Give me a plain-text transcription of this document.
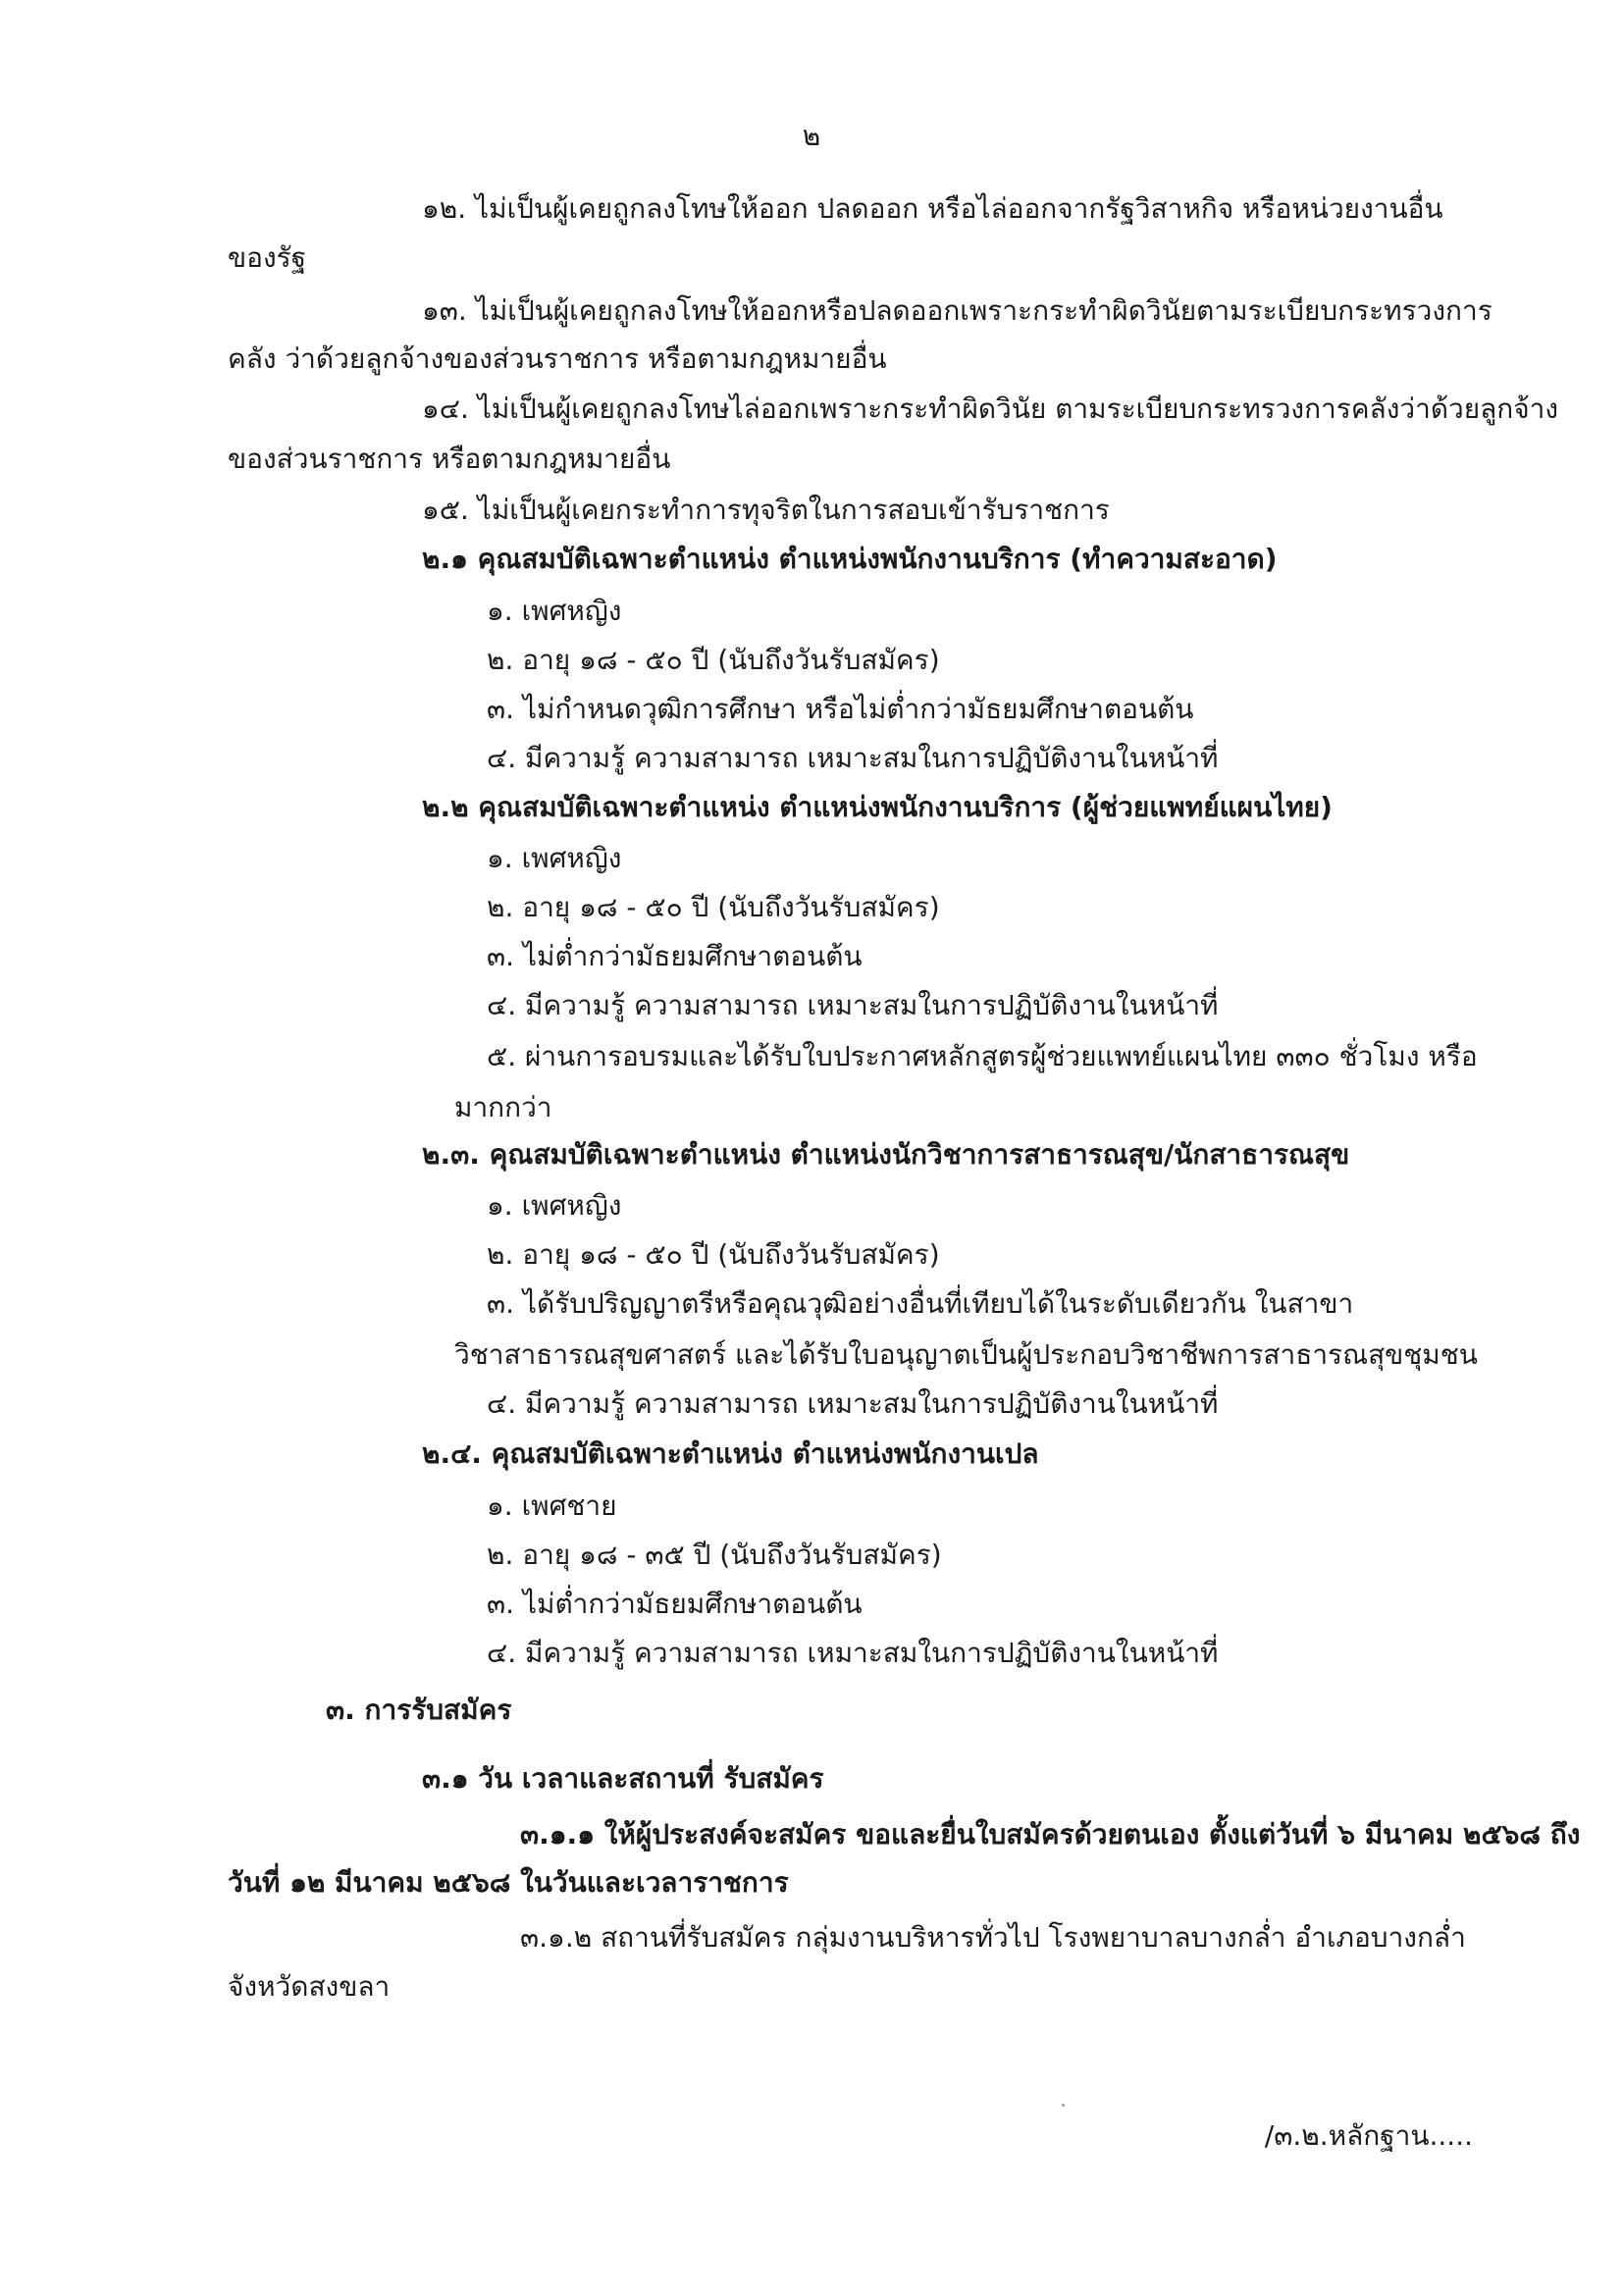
๒
๑๒. ไม่เป็นผู้เคยถูกลงโทษให้ออก ปลดออก หรือไล่ออกจากรัฐวิสาหกิจ หรือหน่วยงานอื่น
ของรัฐ
๑๓. ไม่เป็นผู้เคยถูกลงโทษให้ออกหรือปลดออกเพราะกระทำผิดวินัยตามระเบียบกระทรวงการ
คลัง ว่าด้วยลูกจ้างของส่วนราชการ หรือตามกฎหมายอื่น
๑๔. ไม่เป็นผู้เคยถูกลงโทษไล่ออกเพราะกระทำผิดวินัย ตามระเบียบกระทรวงการคลังว่าด้วยลูกจ้าง
ของส่วนราชการ หรือตามกฎหมายอื่น
๑๕. ไม่เป็นผู้เคยกระทำการทุจริตในการสอบเข้ารับราชการ
๒.๑ คุณสมบัติเฉพาะตำแหน่ง ตำแหน่งพนักงานบริการ (ทำความสะอาด)
๑. เพศหญิง
๒. อายุ ๑๘ - ๕๐ ปี (นับถึงวันรับสมัคร)
๓. ไม่กำหนดวุฒิการศึกษา หรือไม่ต่ำกว่ามัธยมศึกษาตอนต้น
๔. มีความรู้ ความสามารถ เหมาะสมในการปฏิบัติงานในหน้าที่
๒.๒ คุณสมบัติเฉพาะตำแหน่ง ตำแหน่งพนักงานบริการ (ผู้ช่วยแพทย์แผนไทย)
๑. เพศหญิง
๒. อายุ ๑๘ - ๕๐ ปี (นับถึงวันรับสมัคร)
๓. ไม่ต่ำกว่ามัธยมศึกษาตอนต้น
๔. มีความรู้ ความสามารถ เหมาะสมในการปฏิบัติงานในหน้าที่
๕. ผ่านการอบรมและได้รับใบประกาศหลักสูตรผู้ช่วยแพทย์แผนไทย ๓๓๐ ชั่วโมง หรือ
มากกว่า
๒.๓. คุณสมบัติเฉพาะตำแหน่ง ตำแหน่งนักวิชาการสาธารณสุข/นักสาธารณสุข
๑. เพศหญิง
๒. อายุ ๑๘ - ๕๐ ปี (นับถึงวันรับสมัคร)
๓. ได้รับปริญญาตรีหรือคุณวุฒิอย่างอื่นที่เทียบได้ในระดับเดียวกัน ในสาขา
วิชาสาธารณสุขศาสตร์ และได้รับใบอนุญาตเป็นผู้ประกอบวิชาชีพการสาธารณสุขชุมชน
๔. มีความรู้ ความสามารถ เหมาะสมในการปฏิบัติงานในหน้าที่
๒.๔. คุณสมบัติเฉพาะตำแหน่ง ตำแหน่งพนักงานเปล
๑. เพศชาย
๒. อายุ ๑๘ - ๓๕ ปี (นับถึงวันรับสมัคร)
๓. ไม่ต่ำกว่ามัธยมศึกษาตอนต้น
๔. มีความรู้ ความสามารถ เหมาะสมในการปฏิบัติงานในหน้าที่
๓. การรับสมัคร
๓.๑ วัน เวลาและสถานที่ รับสมัคร
๓.๑.๑ ให้ผู้ประสงค์จะสมัคร ขอและยื่นใบสมัครด้วยตนเอง ตั้งแต่วันที่ ๖ มีนาคม ๒๕๖๘ ถึง
วันที่ ๑๒ มีนาคม ๒๕๖๘ ในวันและเวลาราชการ
๓.๑.๒ สถานที่รับสมัคร กลุ่มงานบริหารทั่วไป โรงพยาบาลบางกล่ำ อำเภอบางกล่ำ
จังหวัดสงขลา
/๓.๒.หลักฐาน.....
